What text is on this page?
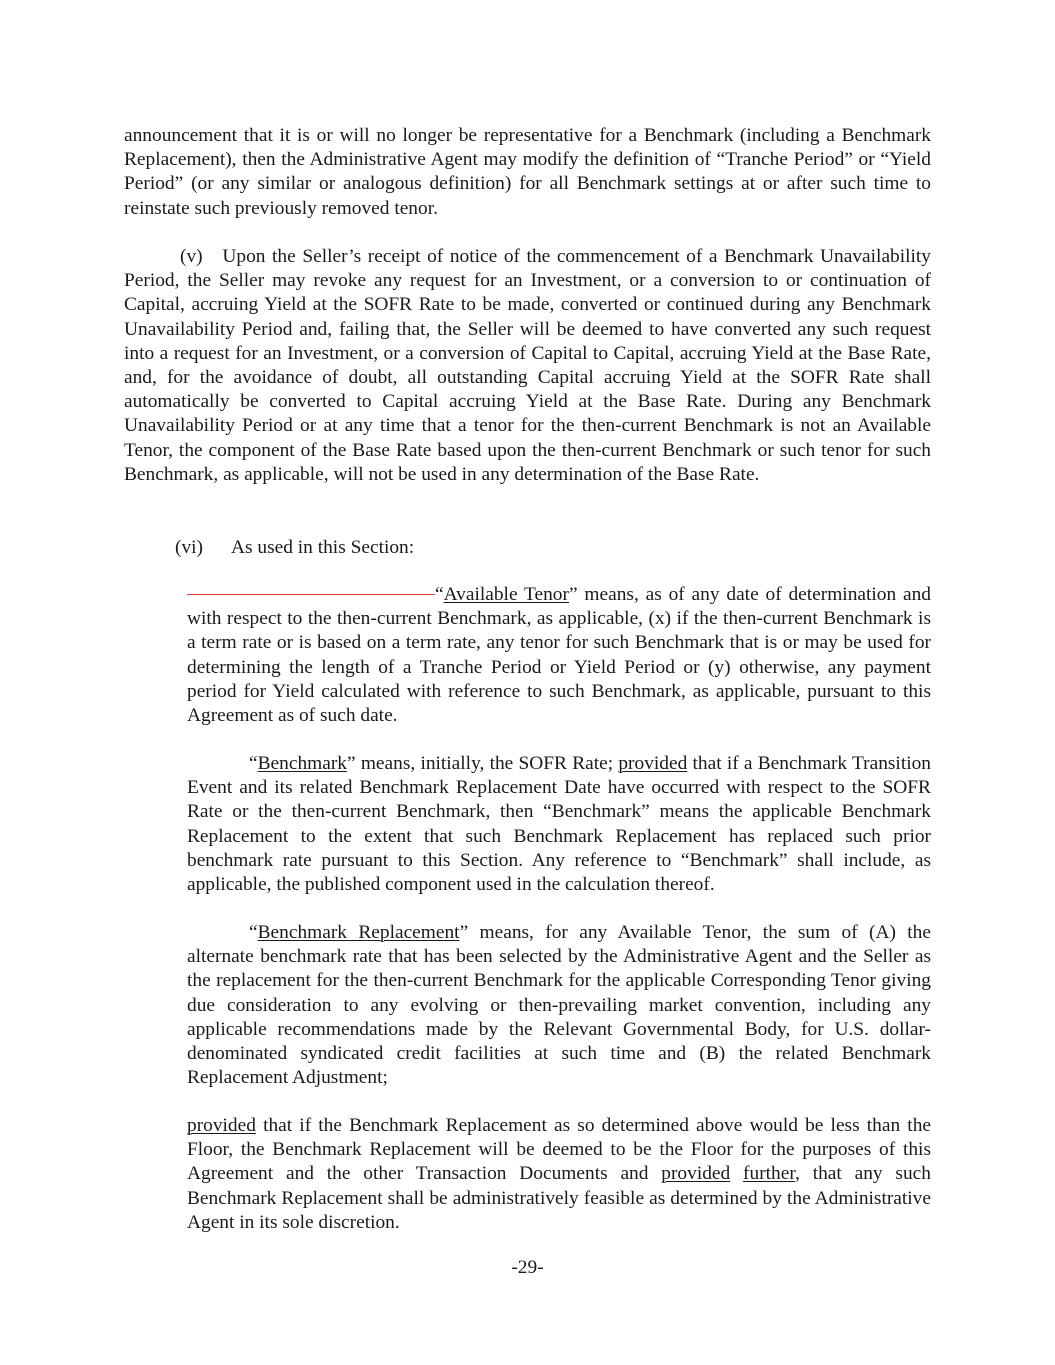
announcement that it is or will no longer be representative for a Benchmark (including a Benchmark Replacement), then the Administrative Agent may modify the definition of “Tranche Period” or “Yield Period” (or any similar or analogous definition) for all Benchmark settings at or after such time to reinstate such previously removed tenor.

(v)   Upon the Seller’s receipt of notice of the commencement of a Benchmark Unavailability Period, the Seller may revoke any request for an Investment, or a conversion to or continuation of Capital, accruing Yield at the SOFR Rate to be made, converted or continued during any Benchmark Unavailability Period and, failing that, the Seller will be deemed to have converted any such request into a request for an Investment, or a conversion of Capital to Capital, accruing Yield at the Base Rate, and, for the avoidance of doubt, all outstanding Capital accruing Yield at the SOFR Rate shall automatically be converted to Capital accruing Yield at the Base Rate. During any Benchmark Unavailability Period or at any time that a tenor for the then-current Benchmark is not an Available Tenor, the component of the Base Rate based upon the then-current Benchmark or such tenor for such Benchmark, as applicable, will not be used in any determination of the Base Rate.

(vi) As used in this Section:

“Available Tenor” means, as of any date of determination and with respect to the then-current Benchmark, as applicable, (x) if the then-current Benchmark is a term rate or is based on a term rate, any tenor for such Benchmark that is or may be used for determining the length of a Tranche Period or Yield Period or (y) otherwise, any payment period for Yield calculated with reference to such Benchmark, as applicable, pursuant to this Agreement as of such date.

“Benchmark” means, initially, the SOFR Rate; provided that if a Benchmark Transition Event and its related Benchmark Replacement Date have occurred with respect to the SOFR Rate or the then-current Benchmark, then “Benchmark” means the applicable Benchmark Replacement to the extent that such Benchmark Replacement has replaced such prior benchmark rate pursuant to this Section. Any reference to “Benchmark” shall include, as applicable, the published component used in the calculation thereof.

“Benchmark Replacement” means, for any Available Tenor, the sum of (A) the alternate benchmark rate that has been selected by the Administrative Agent and the Seller as the replacement for the then-current Benchmark for the applicable Corresponding Tenor giving due consideration to any evolving or then-prevailing market convention, including any applicable recommendations made by the Relevant Governmental Body, for U.S. dollar-denominated syndicated credit facilities at such time and (B) the related Benchmark Replacement Adjustment;

provided that if the Benchmark Replacement as so determined above would be less than the Floor, the Benchmark Replacement will be deemed to be the Floor for the purposes of this Agreement and the other Transaction Documents and provided further, that any such Benchmark Replacement shall be administratively feasible as determined by the Administrative Agent in its sole discretion.

-29-
